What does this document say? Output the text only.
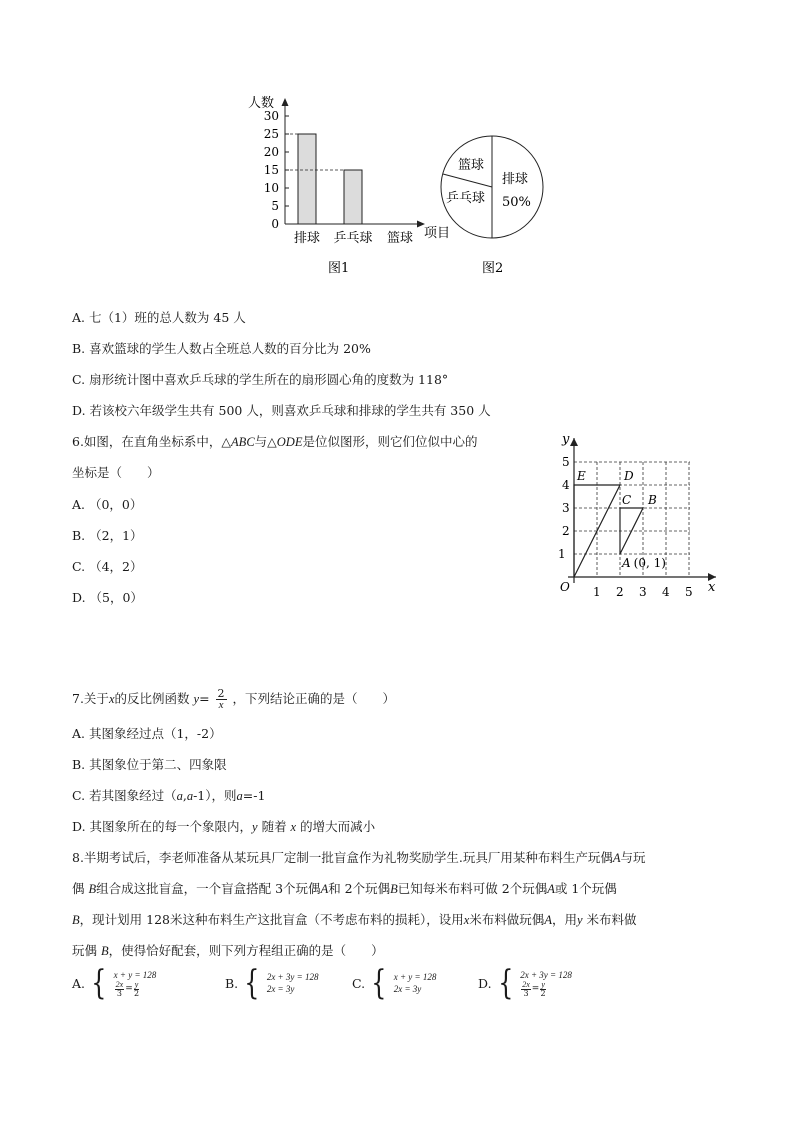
0
5
10
15
20
25
30
排球 乒乓球 篮球
人数
项目
图1
篮球
乒乓球
排球
50%
图2
A. 七（1）班的总人数为 45 人
B. 喜欢篮球的学生人数占全班总人数的百分比为 20%
C. 扇形统计图中喜欢乒乓球的学生所在的扇形圆心角的度数为 118°
D. 若该校六年级学生共有 500 人，则喜欢乒乓球和排球的学生共有 350 人
6.如图，在直角坐标系中，△ABC与△ODE是位似图形，则它们位似中心的
坐标是（　　）
A. （0，0）
B. （2，1）
C. （4，2）
D. （5，0）
y
x
O 1 2 3 4 5
1
2
3
4
5
E	D
C B
A (0, 1)
7.关于x的反比例函数 $y= \frac{2}{x}$ ，下列结论正确的是（　　）
A. 其图象经过点（1，-2）
B. 其图象位于第二、四象限
C. 若其图象经过（a,a-1），则a=-1
D. 其图象所在的每一个象限内，y 随着 x 的增大而减小
8.半期考试后，李老师准备从某玩具厂定制一批盲盒作为礼物奖励学生.玩具厂用某种布料生产玩偶A与玩
偶 B组合成这批盲盒，一个盲盒搭配 3个玩偶A和 2个玩偶B已知每米布料可做 2个玩偶A或 1个玩偶
B，现计划用 128米这种布料生产这批盲盒（不考虑布料的损耗），设用x米布料做玩偶A，用y 米布料做
玩偶 B，使得恰好配套，则下列方程组正确的是（　　）
A. { x + y = 128
$\frac{2x}{3} = \frac{y}{2}$	B. { 2x + 3y = 128
2x = 3y	C. { x + y = 128
2x = 3y	D. { 2x + 3y = 128
$\frac{2x}{3} = \frac{y}{2}$
